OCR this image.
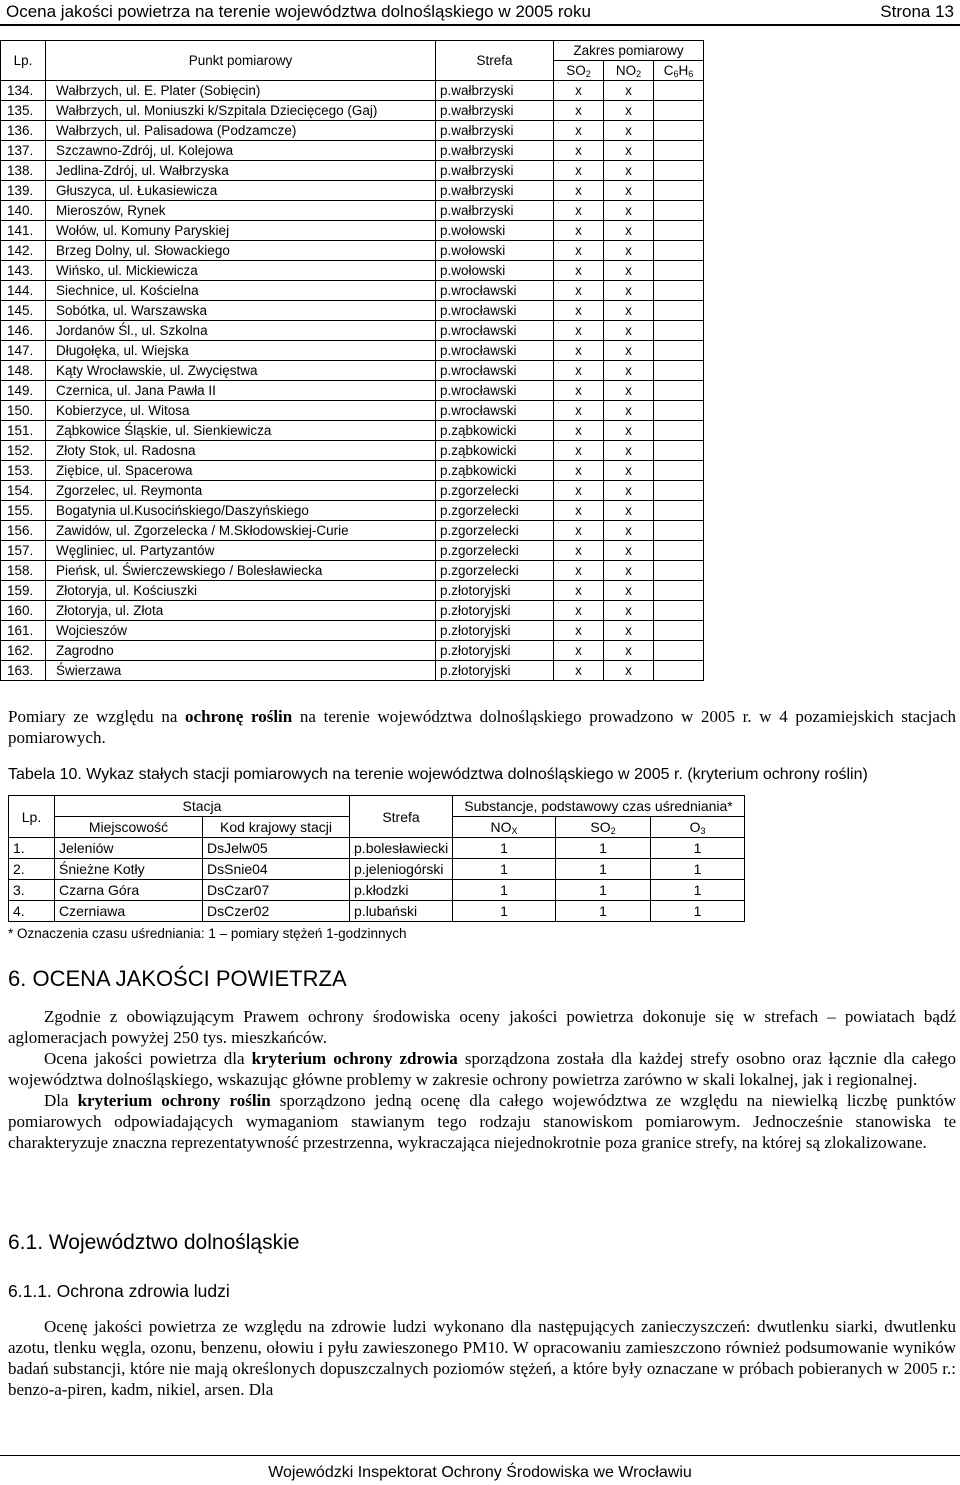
Ocena jakości powietrza na terenie województwa dolnośląskiego w 2005 roku	Strona 13
Lp.	Punkt pomiarowy	Strefa	Zakres pomiarowy		
			$SO_2$	$NO_2$	$C_6H_6$
134.	Wałbrzych, ul. E. Plater (Sobięcin)	p.wałbrzyski	x	x	
135.	Wałbrzych, ul. Moniuszki k/Szpitala Dziecięcego (Gaj)	p.wałbrzyski	x	x	
136.	Wałbrzych, ul. Palisadowa (Podzamcze)	p.wałbrzyski	x	x	
137.	Szczawno-Zdrój, ul. Kolejowa	p.wałbrzyski	x	x	
138.	Jedlina-Zdrój, ul. Wałbrzyska	p.wałbrzyski	x	x	
139.	Głuszyca, ul. Łukasiewicza	p.wałbrzyski	x	x	
140.	Mieroszów, Rynek	p.wałbrzyski	x	x	
141.	Wołów, ul. Komuny Paryskiej	p.wołowski	x	x	
142.	Brzeg Dolny, ul. Słowackiego	p.wołowski	x	x	
143.	Wińsko, ul. Mickiewicza	p.wołowski	x	x	
144.	Siechnice, ul. Kościelna	p.wrocławski	x	x	
145.	Sobótka, ul. Warszawska	p.wrocławski	x	x	
146.	Jordanów Śl., ul. Szkolna	p.wrocławski	x	x	
147.	Długołęka, ul. Wiejska	p.wrocławski	x	x	
148.	Kąty Wrocławskie, ul. Zwycięstwa	p.wrocławski	x	x	
149.	Czernica, ul. Jana Pawła II	p.wrocławski	x	x	
150.	Kobierzyce, ul. Witosa	p.wrocławski	x	x	
151.	Ząbkowice Śląskie, ul. Sienkiewicza	p.ząbkowicki	x	x	
152.	Złoty Stok, ul. Radosna	p.ząbkowicki	x	x	
153.	Ziębice, ul. Spacerowa	p.ząbkowicki	x	x	
154.	Zgorzelec, ul. Reymonta	p.zgorzelecki	x	x	
155.	Bogatynia ul.Kusocińskiego/Daszyńskiego	p.zgorzelecki	x	x	
156.	Zawidów, ul. Zgorzelecka / M.Skłodowskiej-Curie	p.zgorzelecki	x	x	
157.	Węgliniec, ul. Partyzantów	p.zgorzelecki	x	x	
158.	Pieńsk, ul. Świerczewskiego / Bolesławiecka	p.zgorzelecki	x	x	
159.	Złotoryja, ul. Kościuszki	p.złotoryjski	x	x	
160.	Złotoryja, ul. Złota	p.złotoryjski	x	x	
161.	Wojcieszów	p.złotoryjski	x	x	
162.	Zagrodno	p.złotoryjski	x	x	
163.	Świerzawa	p.złotoryjski	x	x	

Pomiary ze względu na ochronę roślin na terenie województwa dolnośląskiego prowadzono w 2005 r. w 4 pozamiejskich stacjach pomiarowych.

Tabela 10. Wykaz stałych stacji pomiarowych na terenie województwa dolnośląskiego w 2005 r. (kryterium ochrony roślin)
Lp.	Stacja		Strefa	Substancje, podstawowy czas uśredniania*		
	Miejscowość	Kod krajowy stacji		$NO_X$	$SO_2$	$O_3$
1.	Jeleniów	DsJelw05	p.bolesławiecki	1	1	1
2.	Śnieżne Kotły	DsSnie04	p.jeleniogórski	1	1	1
3.	Czarna Góra	DsCzar07	p.kłodzki	1	1	1
4.	Czerniawa	DsCzer02	p.lubański	1	1	1
* Oznaczenia czasu uśredniania: 1 – pomiary stężeń 1-godzinnych
6. OCENA JAKOŚCI POWIETRZA

Zgodnie z obowiązującym Prawem ochrony środowiska oceny jakości powietrza dokonuje się w strefach – powiatach bądź aglomeracjach powyżej 250 tys. mieszkańców.

Ocena jakości powietrza dla kryterium ochrony zdrowia sporządzona została dla każdej strefy osobno oraz łącznie dla całego województwa dolnośląskiego, wskazując główne problemy w zakresie ochrony powietrza zarówno w skali lokalnej, jak i regionalnej.

Dla kryterium ochrony roślin sporządzono jedną ocenę dla całego województwa ze względu na niewielką liczbę punktów pomiarowych odpowiadających wymaganiom stawianym tego rodzaju stanowiskom pomiarowym. Jednocześnie stanowiska te charakteryzuje znaczna reprezentatywność przestrzenna, wykraczająca niejednokrotnie poza granice strefy, na której są zlokalizowane.

6.1. Województwo dolnośląskie
6.1.1. Ochrona zdrowia ludzi

Ocenę jakości powietrza ze względu na zdrowie ludzi wykonano dla następujących zanieczyszczeń: dwutlenku siarki, dwutlenku azotu, tlenku węgla, ozonu, benzenu, ołowiu i pyłu zawieszonego PM10. W opracowaniu zamieszczono również podsumowanie wyników badań substancji, które nie mają określonych dopuszczalnych poziomów stężeń, a które były oznaczane w próbach pobieranych w 2005 r.: benzo-a-piren, kadm, nikiel, arsen. Dla

Wojewódzki Inspektorat Ochrony Środowiska we Wrocławiu
